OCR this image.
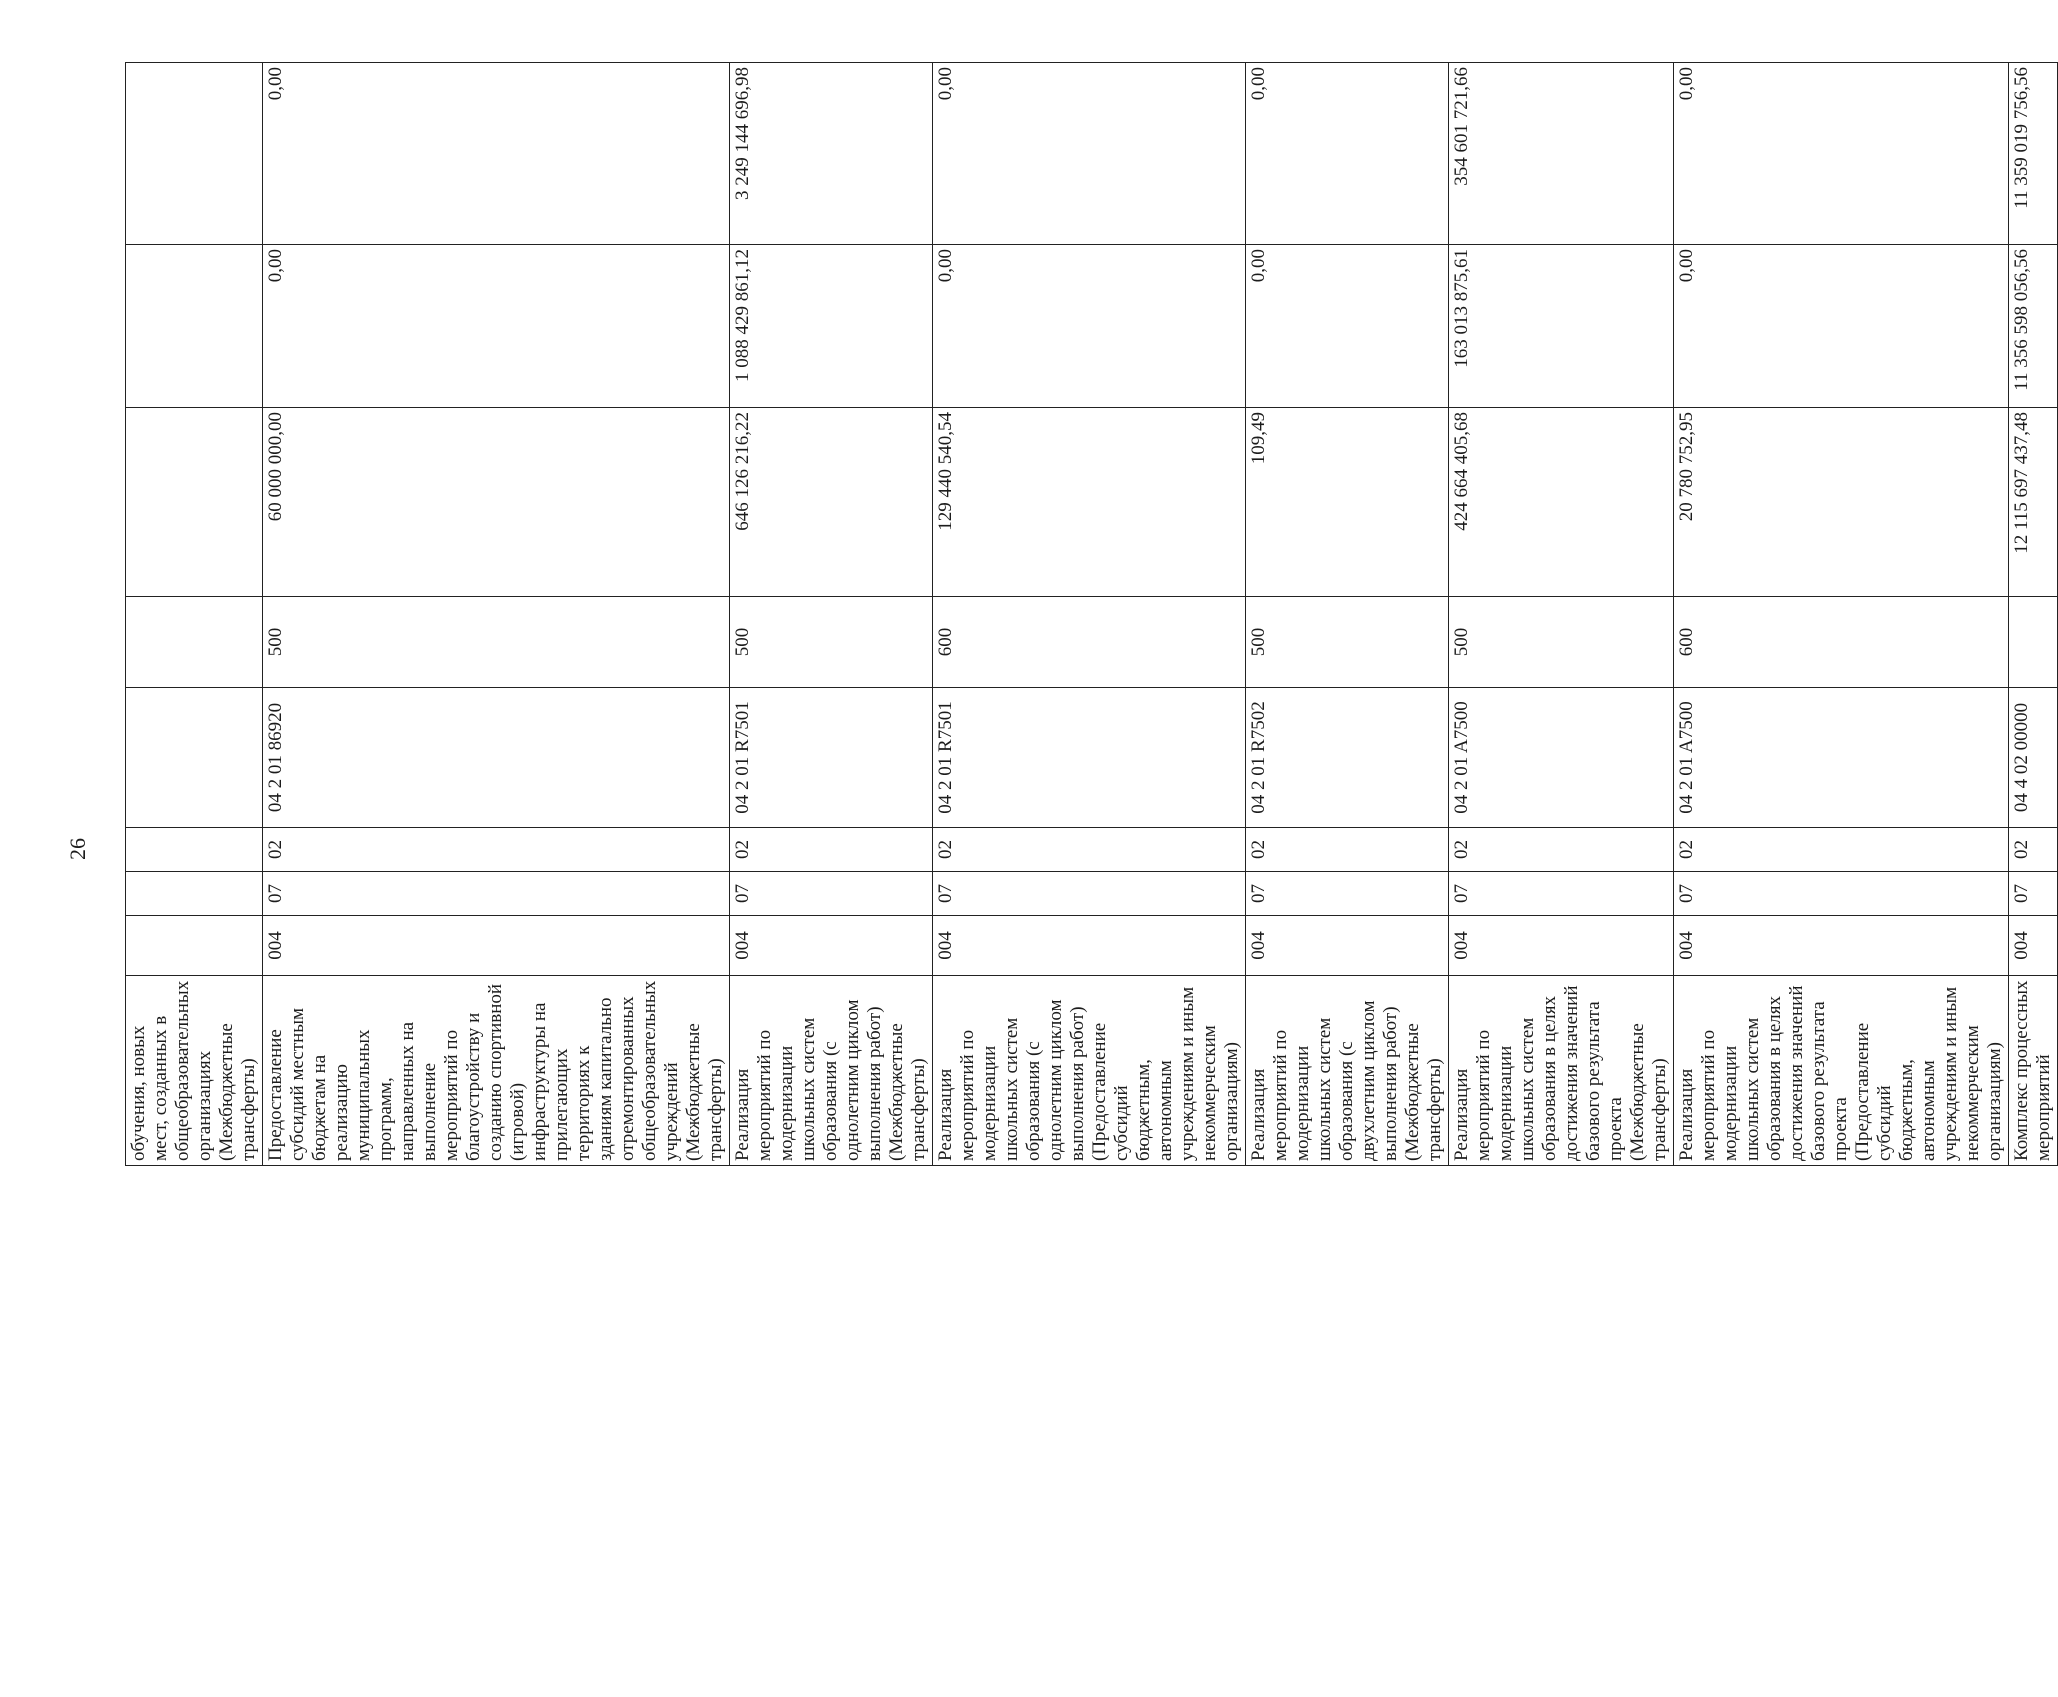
26
обучения, новых мест, созданных в общеобразовательных организациях (Межбюджетные трансферты)								
Предоставление субсидий местным бюджетам на реализацию муниципальных программ, направленных на выполнение мероприятий по благоустройству и созданию спортивной (игровой) инфраструктуры на прилегающих территориях к зданиям капитально отремонтированных общеобразовательных учреждений (Межбюджетные трансферты)	004	07	02	04 2 01 86920	500	60 000 000,00	0,00	0,00
Реализация мероприятий по модернизации школьных систем образования (с однолетним циклом выполнения работ) (Межбюджетные трансферты)	004	07	02	04 2 01 R7501	500	646 126 216,22	1 088 429 861,12	3 249 144 696,98
Реализация мероприятий по модернизации школьных систем образования (с однолетним циклом выполнения работ) (Предоставление субсидий бюджетным, автономным учреждениям и иным некоммерческим организациям)	004	07	02	04 2 01 R7501	600	129 440 540,54	0,00	0,00
Реализация мероприятий по модернизации школьных систем образования (с двухлетним циклом выполнения работ) (Межбюджетные трансферты)	004	07	02	04 2 01 R7502	500	109,49	0,00	0,00
Реализация мероприятий по модернизации школьных систем образования в целях достижения значений базового результата проекта (Межбюджетные трансферты)	004	07	02	04 2 01 A7500	500	424 664 405,68	163 013 875,61	354 601 721,66
Реализация мероприятий по модернизации школьных систем образования в целях достижения значений базового результата проекта (Предоставление субсидий бюджетным, автономным учреждениям и иным некоммерческим организациям)	004	07	02	04 2 01 A7500	600	20 780 752,95	0,00	0,00
Комплекс процессных мероприятий	004	07	02	04 4 02 00000		12 115 697 437,48	11 356 598 056,56	11 359 019 756,56
